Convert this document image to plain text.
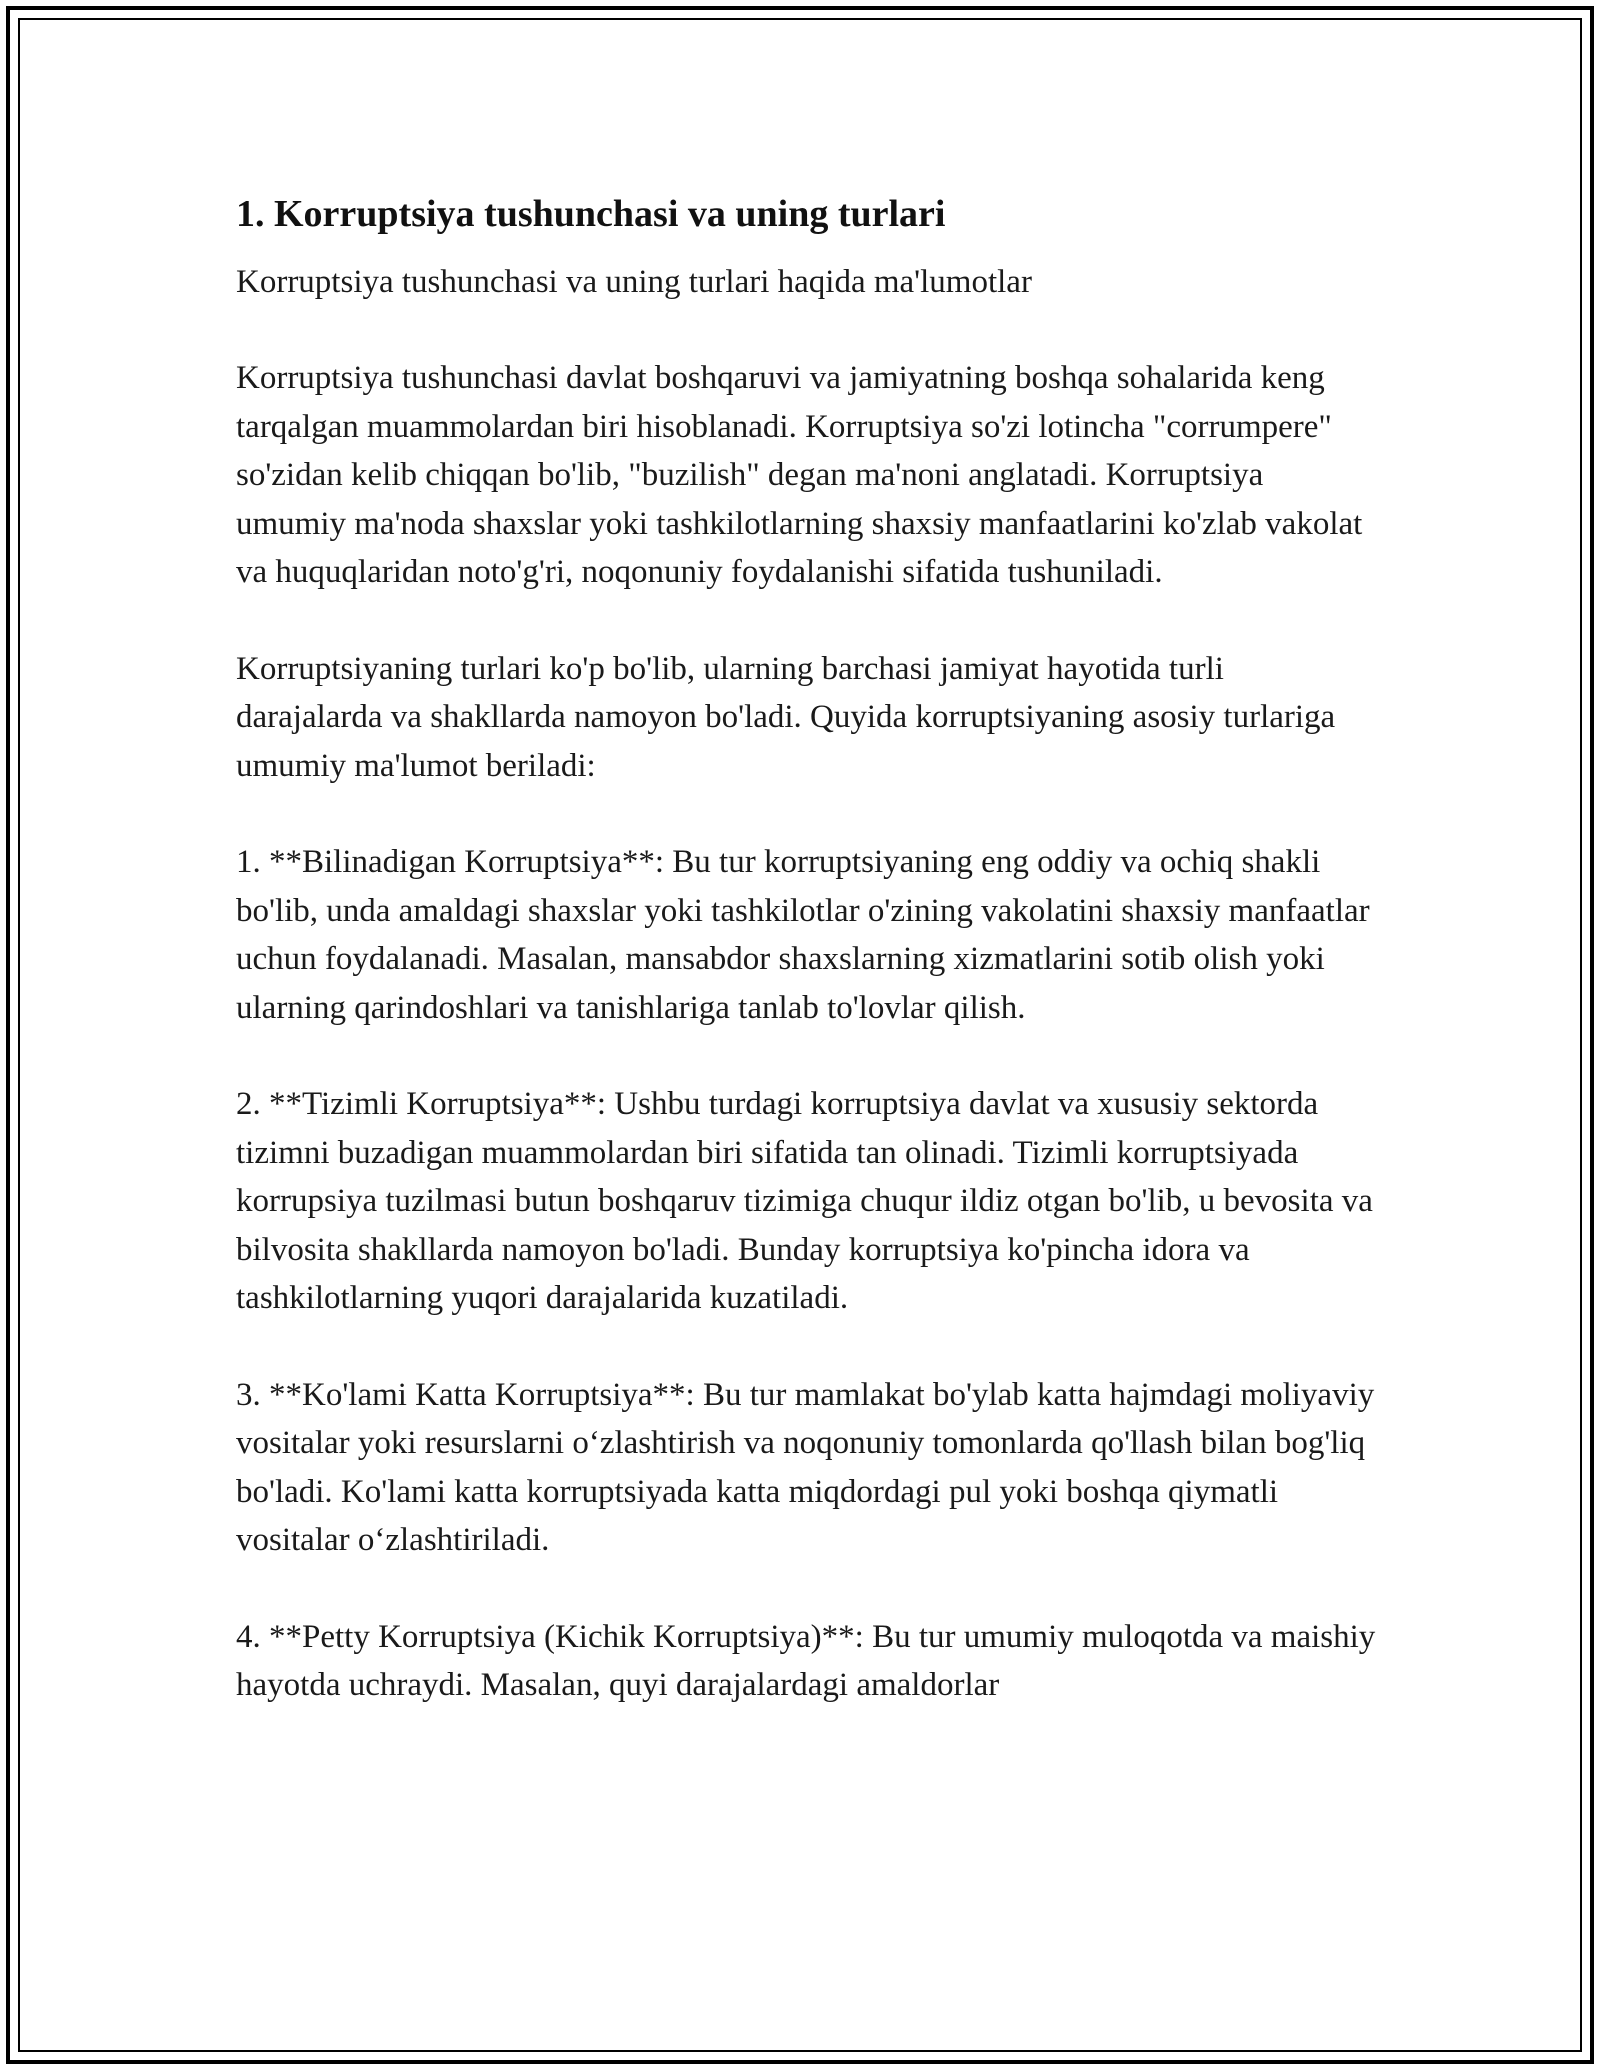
1. Korruptsiya tushunchasi va uning turlari

Korruptsiya tushunchasi va uning turlari haqida ma'lumotlar

Korruptsiya tushunchasi davlat boshqaruvi va jamiyatning boshqa sohalarida keng tarqalgan muammolardan biri hisoblanadi. Korruptsiya so'zi lotincha "corrumpere" so'zidan kelib chiqqan bo'lib, "buzilish" degan ma'noni anglatadi. Korruptsiya umumiy ma'noda shaxslar yoki tashkilotlarning shaxsiy manfaatlarini ko'zlab vakolat va huquqlaridan noto'g'ri, noqonuniy foydalanishi sifatida tushuniladi.

Korruptsiyaning turlari ko'p bo'lib, ularning barchasi jamiyat hayotida turli darajalarda va shakllarda namoyon bo'ladi. Quyida korruptsiyaning asosiy turlariga umumiy ma'lumot beriladi:

1. **Bilinadigan Korruptsiya**: Bu tur korruptsiyaning eng oddiy va ochiq shakli bo'lib, unda amaldagi shaxslar yoki tashkilotlar o'zining vakolatini shaxsiy manfaatlar uchun foydalanadi. Masalan, mansabdor shaxslarning xizmatlarini sotib olish yoki ularning qarindoshlari va tanishlariga tanlab to'lovlar qilish.

2. **Tizimli Korruptsiya**: Ushbu turdagi korruptsiya davlat va xususiy sektorda tizimni buzadigan muammolardan biri sifatida tan olinadi. Tizimli korruptsiyada korrupsiya tuzilmasi butun boshqaruv tizimiga chuqur ildiz otgan bo'lib, u bevosita va bilvosita shakllarda namoyon bo'ladi. Bunday korruptsiya ko'pincha idora va tashkilotlarning yuqori darajalarida kuzatiladi.

3. **Ko'lami Katta Korruptsiya**: Bu tur mamlakat bo'ylab katta hajmdagi moliyaviy vositalar yoki resurslarni o‘zlashtirish va noqonuniy tomonlarda qo'llash bilan bog'liq bo'ladi. Ko'lami katta korruptsiyada katta miqdordagi pul yoki boshqa qiymatli vositalar o‘zlashtiriladi.

4. **Petty Korruptsiya (Kichik Korruptsiya)**: Bu tur umumiy muloqotda va maishiy hayotda uchraydi. Masalan, quyi darajalardagi amaldorlar
